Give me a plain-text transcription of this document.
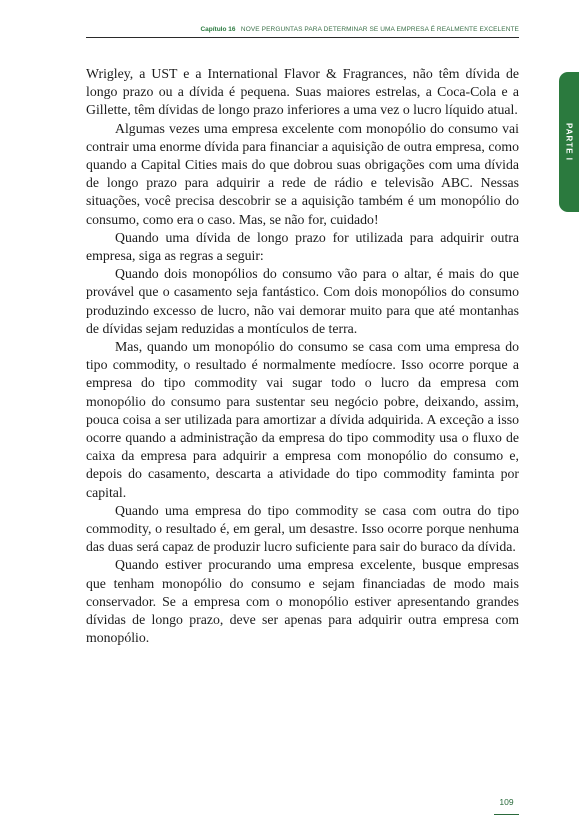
Capítulo 16 NOVE PERGUNTAS PARA DETERMINAR SE UMA EMPRESA É REALMENTE EXCELENTE
PARTE I

Wrigley, a UST e a International Flavor & Fragrances, não têm dívida de longo prazo ou a dívida é pequena. Suas maiores estrelas, a Coca-Cola e a Gillette, têm dívidas de longo prazo inferiores a uma vez o lucro líquido atual.

Algumas vezes uma empresa excelente com monopólio do consumo vai contrair uma enorme dívida para financiar a aquisição de outra empresa, como quando a Capital Cities mais do que dobrou suas obrigações com uma dívida de longo prazo para adquirir a rede de rádio e televisão ABC. Nessas situações, você precisa descobrir se a aquisição também é um monopólio do consumo, como era o caso. Mas, se não for, cuidado!

Quando uma dívida de longo prazo for utilizada para adquirir outra empresa, siga as regras a seguir:

Quando dois monopólios do consumo vão para o altar, é mais do que provável que o casamento seja fantástico. Com dois monopólios do consumo produzindo excesso de lucro, não vai demorar muito para que até montanhas de dívidas sejam reduzidas a montículos de terra.

Mas, quando um monopólio do consumo se casa com uma empresa do tipo commodity, o resultado é normalmente medíocre. Isso ocorre porque a empresa do tipo commodity vai sugar todo o lucro da empresa com monopólio do consumo para sustentar seu negócio pobre, deixando, assim, pouca coisa a ser utilizada para amortizar a dívida adquirida. A exceção a isso ocorre quando a administração da empresa do tipo commodity usa o fluxo de caixa da empresa para adquirir a empresa com monopólio do consumo e, depois do casamento, descarta a atividade do tipo commodity faminta por capital.

Quando uma empresa do tipo commodity se casa com outra do tipo commodity, o resultado é, em geral, um desastre. Isso ocorre porque nenhuma das duas será capaz de produzir lucro suficiente para sair do buraco da dívida.

Quando estiver procurando uma empresa excelente, busque empresas que tenham monopólio do consumo e sejam financiadas de modo mais conservador. Se a empresa com o monopólio estiver apresentando grandes dívidas de longo prazo, deve ser apenas para adquirir outra empresa com monopólio.

109
